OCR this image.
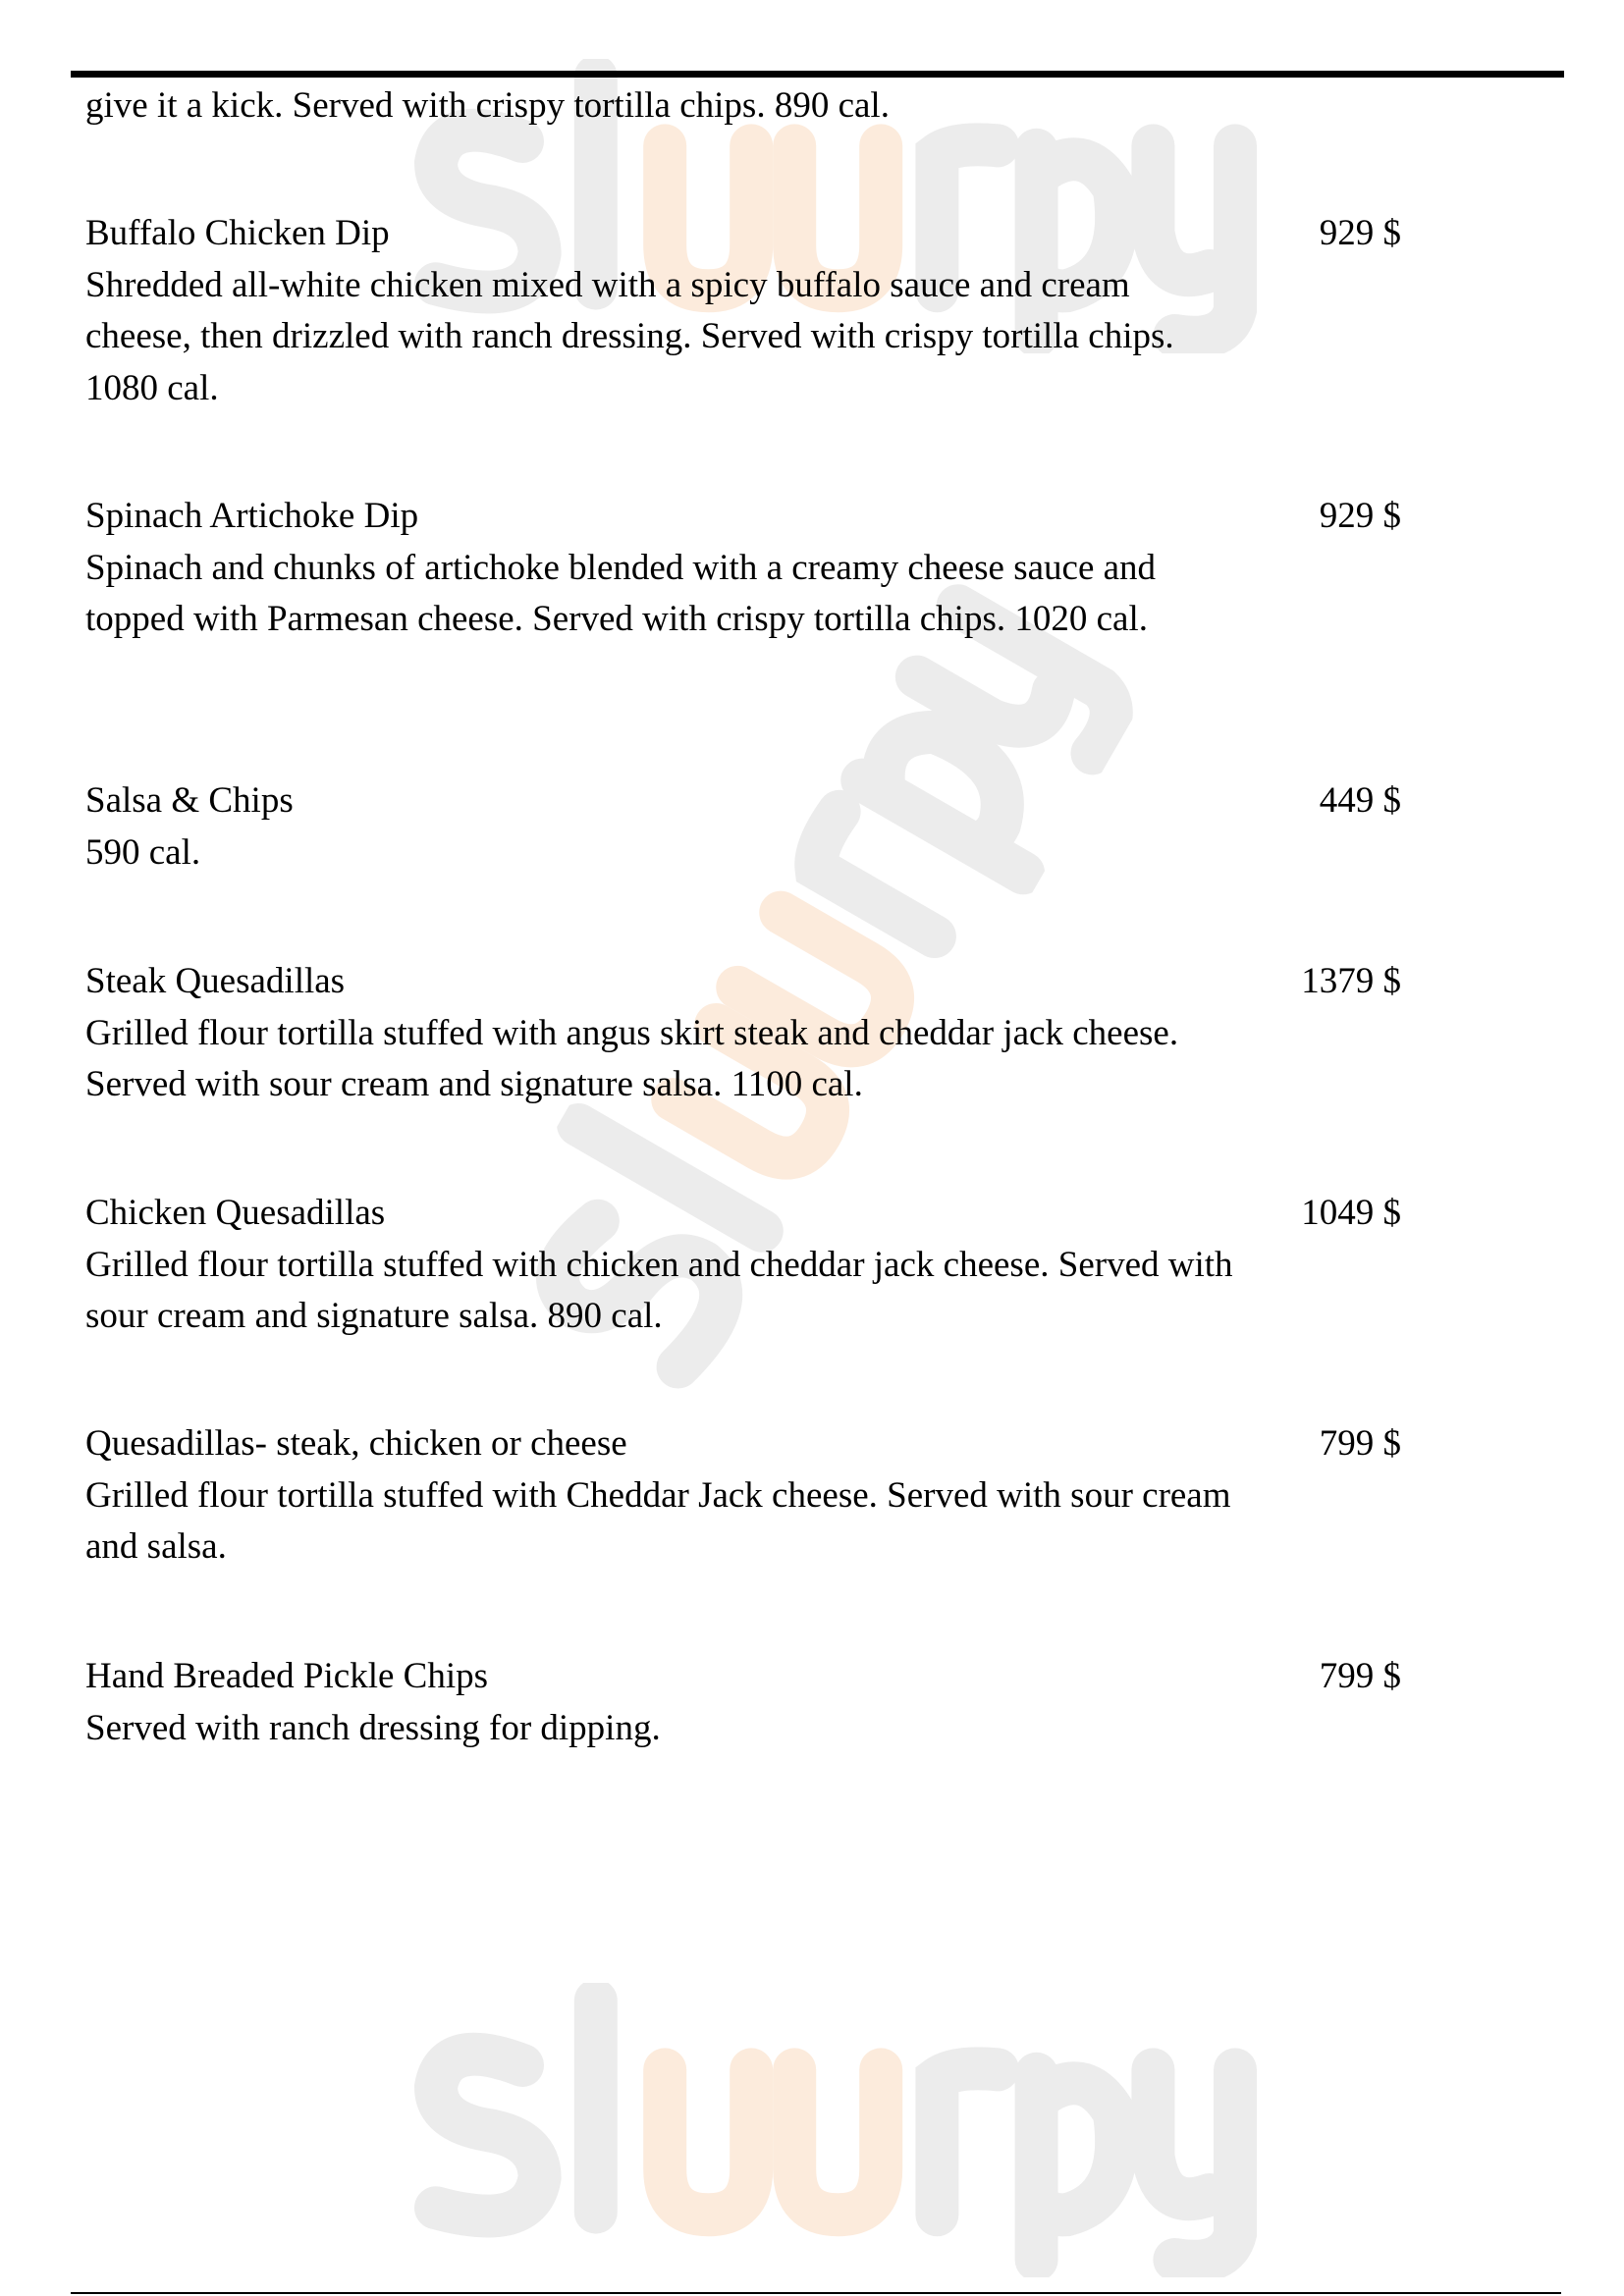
give it a kick. Served with crispy tortilla chips. 890 cal.
Buffalo Chicken Dip	929 $
Shredded all-white chicken mixed with a spicy buffalo sauce and cream cheese, then drizzled with ranch dressing. Served with crispy tortilla chips. 1080 cal.
Spinach Artichoke Dip	929 $
Spinach and chunks of artichoke blended with a creamy cheese sauce and topped with Parmesan cheese. Served with crispy tortilla chips. 1020 cal.
Salsa & Chips	449 $
590 cal.
Steak Quesadillas	1379 $
Grilled flour tortilla stuffed with angus skirt steak and cheddar jack cheese. Served with sour cream and signature salsa. 1100 cal.
Chicken Quesadillas	1049 $
Grilled flour tortilla stuffed with chicken and cheddar jack cheese. Served with sour cream and signature salsa. 890 cal.
Quesadillas- steak, chicken or cheese	799 $
Grilled flour tortilla stuffed with Cheddar Jack cheese. Served with sour cream and salsa.
Hand Breaded Pickle Chips	799 $
Served with ranch dressing for dipping.
